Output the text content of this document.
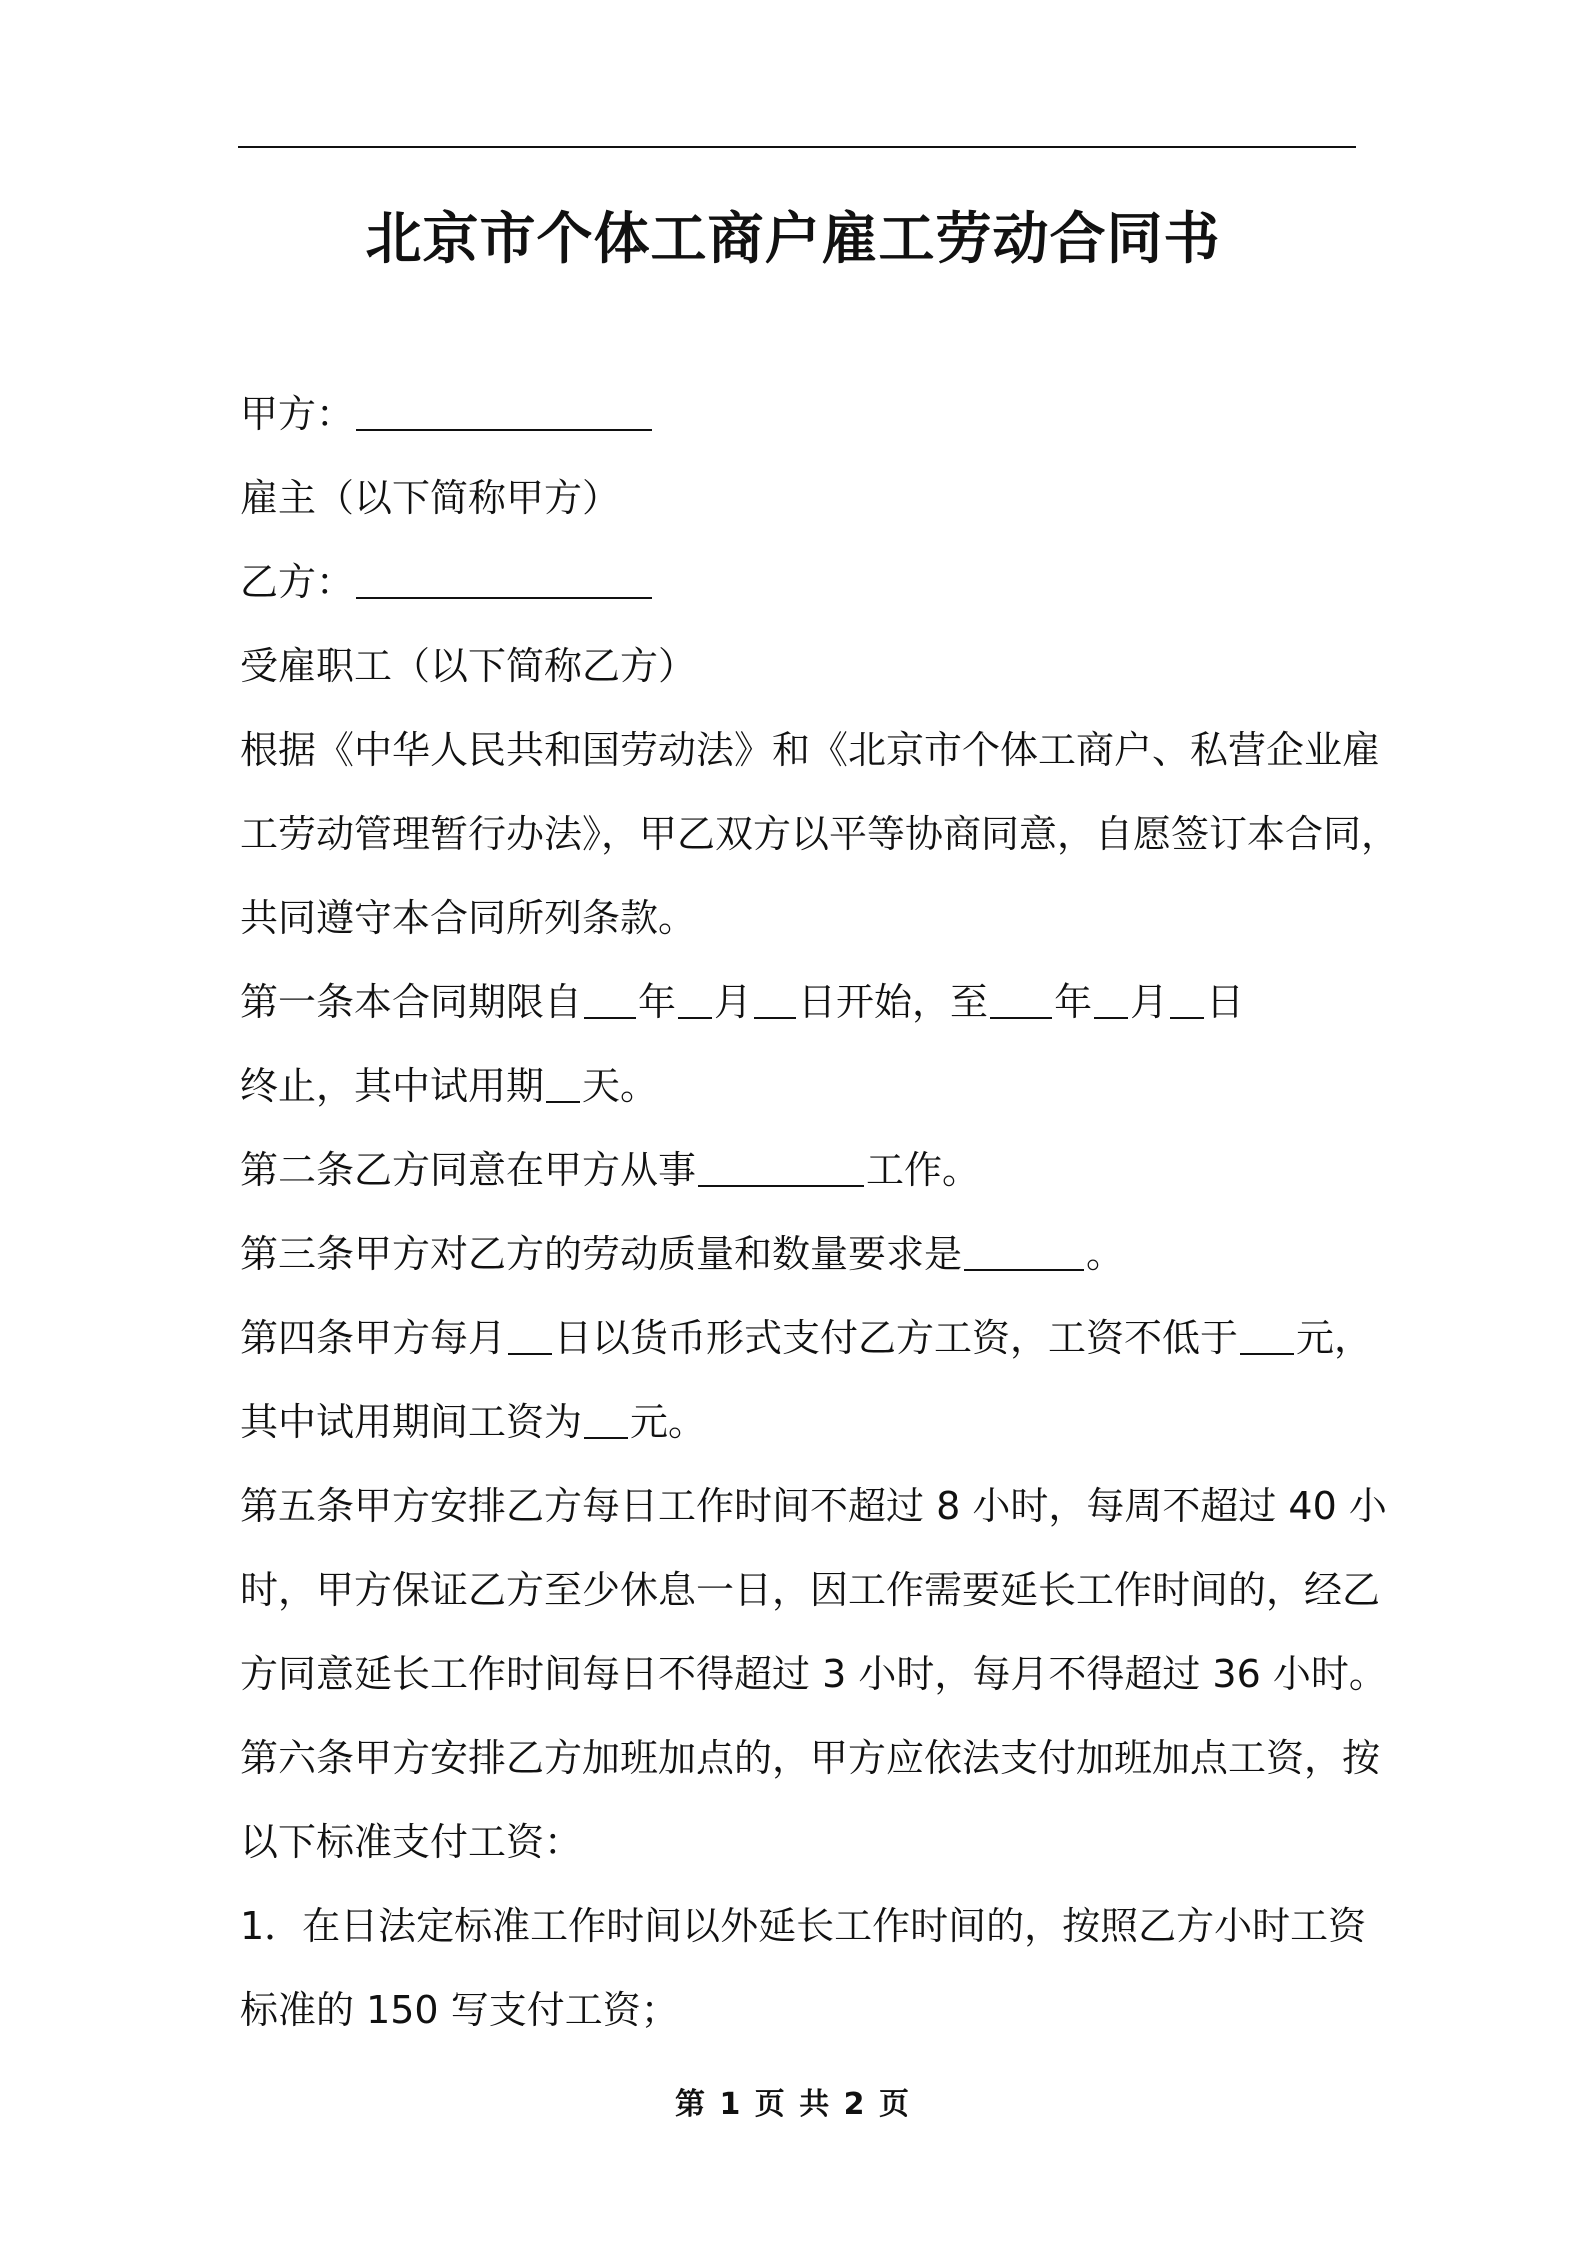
北京市个体工商户雇工劳动合同书
甲方：
雇主（以下简称甲方）
乙方：
受雇职工（以下简称乙方）
根据《中华人民共和国劳动法》和《北京市个体工商户、私营企业雇
工劳动管理暂行办法》，甲乙双方以平等协商同意，自愿签订本合同，
共同遵守本合同所列条款。
第一条本合同期限自 年 月 日开始，至 年 月 日
终止，其中试用期 天。
第二条乙方同意在甲方从事	工作。
第三条甲方对乙方的劳动质量和数量要求是	。
第四条甲方每月 日以货币形式支付乙方工资，工资不低于 元，
其中试用期间工资为 元。
第五条甲方安排乙方每日工作时间不超过 8 小时，每周不超过 40 小
时，甲方保证乙方至少休息一日，因工作需要延长工作时间的，经乙
方同意延长工作时间每日不得超过 3 小时，每月不得超过 36 小时。
第六条甲方安排乙方加班加点的，甲方应依法支付加班加点工资，按
以下标准支付工资：
1．在日法定标准工作时间以外延长工作时间的，按照乙方小时工资
标准的 150 写支付工资；
第 1 页 共 2 页
